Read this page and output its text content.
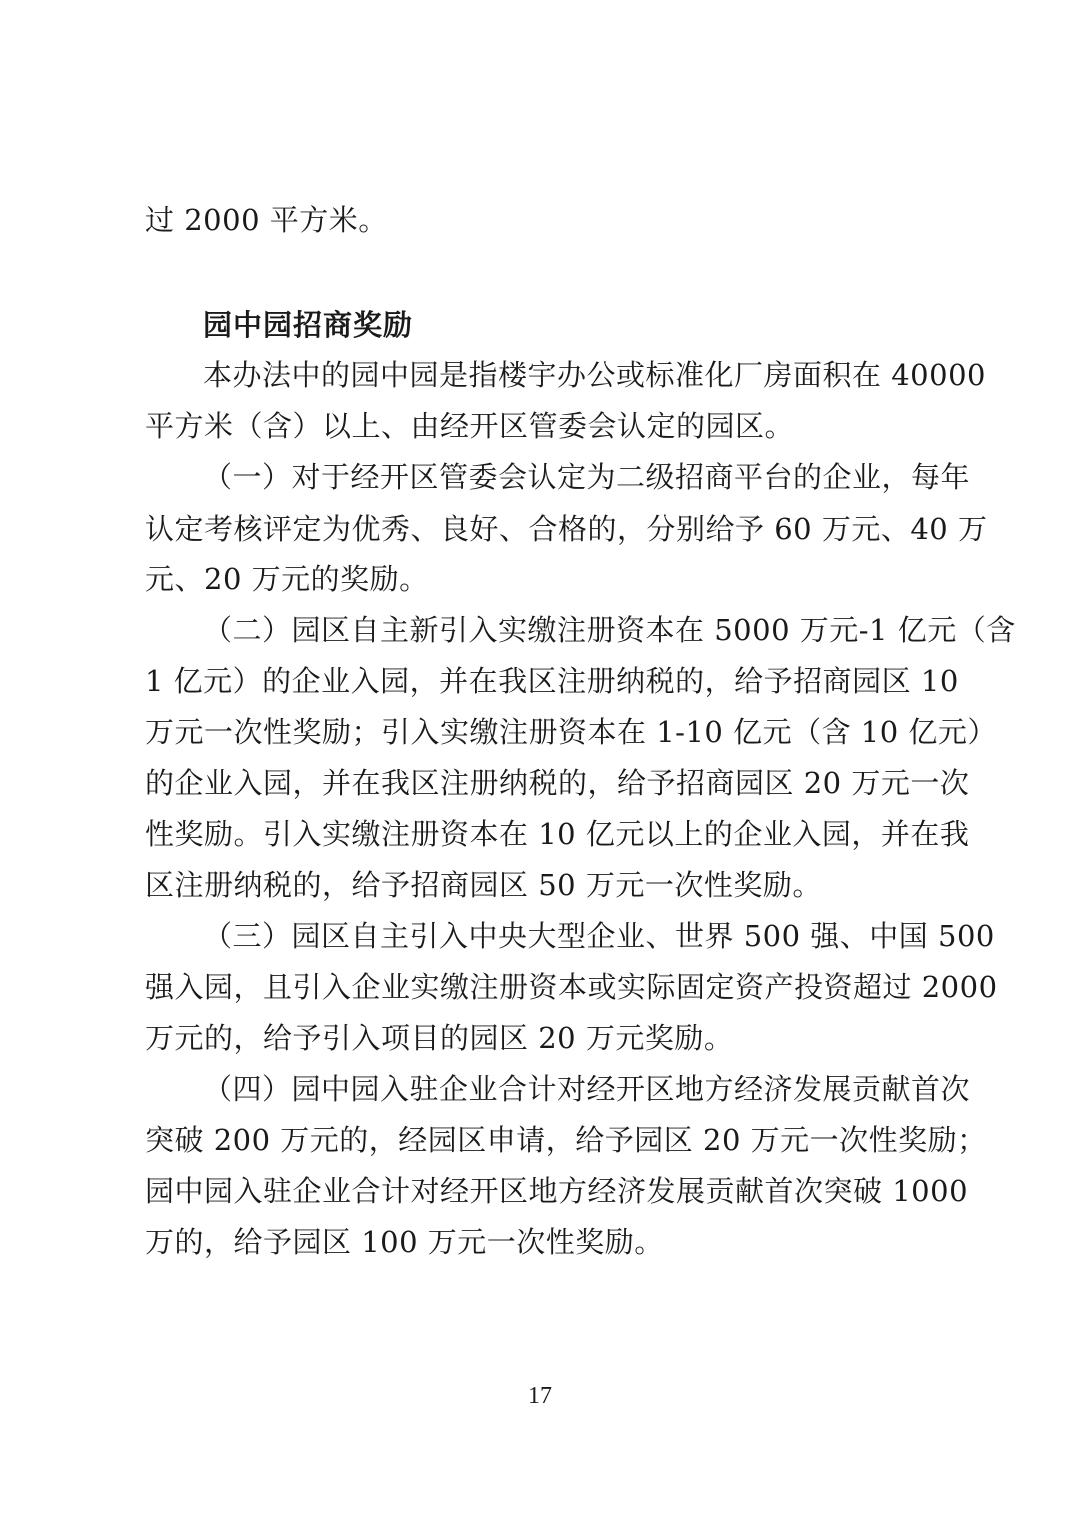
过 2000 平方米。
园中园招商奖励
本办法中的园中园是指楼宇办公或标准化厂房面积在 40000
平方米（含）以上、由经开区管委会认定的园区。
（一）对于经开区管委会认定为二级招商平台的企业，每年
认定考核评定为优秀、良好、合格的，分别给予 60 万元、40 万
元、20 万元的奖励。
（二）园区自主新引入实缴注册资本在 5000 万元-1 亿元（含
1 亿元）的企业入园，并在我区注册纳税的，给予招商园区 10
万元一次性奖励；引入实缴注册资本在 1-10 亿元（含 10 亿元）
的企业入园，并在我区注册纳税的，给予招商园区 20 万元一次
性奖励。引入实缴注册资本在 10 亿元以上的企业入园，并在我
区注册纳税的，给予招商园区 50 万元一次性奖励。
（三）园区自主引入中央大型企业、世界 500 强、中国 500
强入园，且引入企业实缴注册资本或实际固定资产投资超过 2000
万元的，给予引入项目的园区 20 万元奖励。
（四）园中园入驻企业合计对经开区地方经济发展贡献首次
突破 200 万元的，经园区申请，给予园区 20 万元一次性奖励；
园中园入驻企业合计对经开区地方经济发展贡献首次突破 1000
万的，给予园区 100 万元一次性奖励。
17
